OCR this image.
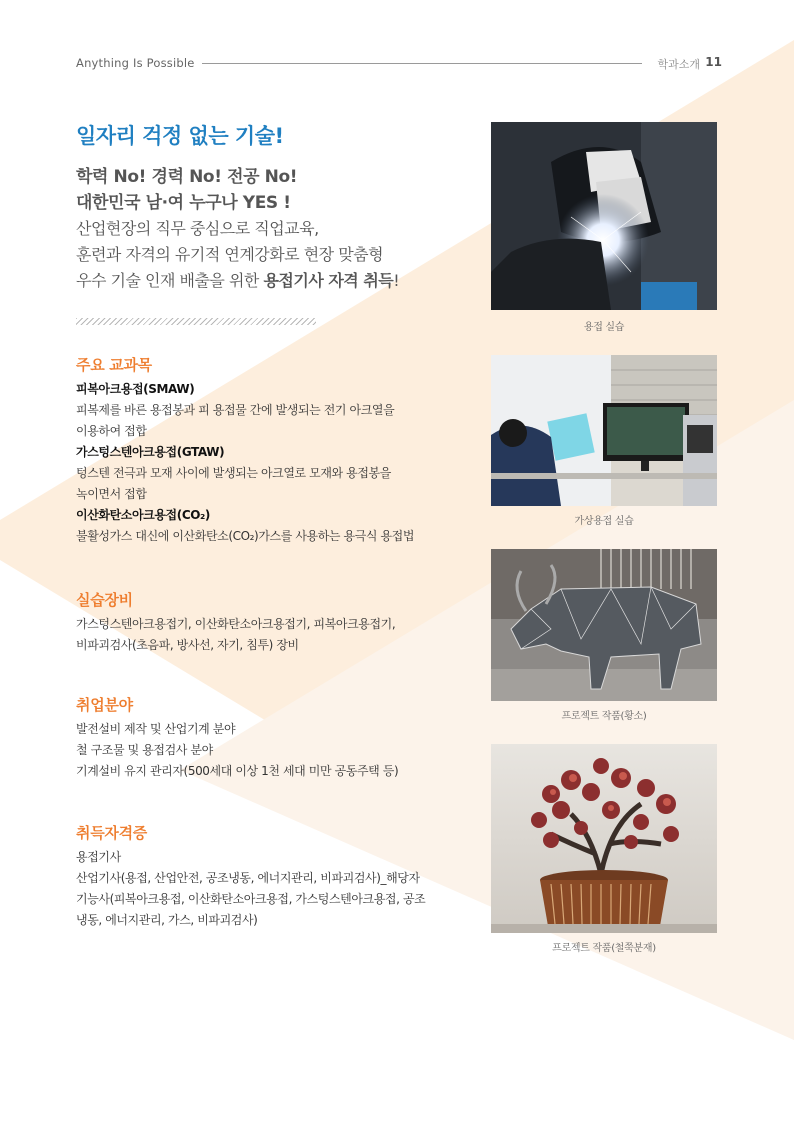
Anything Is Possible	학과소개 11
일자리 걱정 없는 기술!
학력 No! 경력 No! 전공 No!
대한민국 남·여 누구나 YES !
산업현장의 직무 중심으로 직업교육,
훈련과 자격의 유기적 연계강화로 현장 맞춤형
우수 기술 인재 배출을 위한 용접기사 자격 취득!
주요 교과목
피복아크용접(SMAW)
피복제를 바른 용접봉과 피 용접물 간에 발생되는 전기 아크열을
이용하여 접합
가스텅스텐아크용접(GTAW)
텅스텐 전극과 모재 사이에 발생되는 아크열로 모재와 용접봉을
녹이면서 접합
이산화탄소아크용접(CO₂)
불활성가스 대신에 이산화탄소(CO₂)가스를 사용하는 용극식 용접법
실습장비
가스텅스텐아크용접기, 이산화탄소아크용접기, 피복아크용접기,
비파괴검사(초음파, 방사선, 자기, 침투) 장비
취업분야
발전설비 제작 및 산업기계 분야
철 구조물 및 용접검사 분야
기계설비 유지 관리자(500세대 이상 1천 세대 미만 공동주택 등)
취득자격증
용접기사
산업기사(용접, 산업안전, 공조냉동, 에너지관리, 비파괴검사)_해당자
기능사(피복아크용접, 이산화탄소아크용접, 가스텅스텐아크용접, 공조
냉동, 에너지관리, 가스, 비파괴검사)
용접 실습
가상용접 실습
프로젝트 작품(황소)
프로젝트 작품(철쭉분재)
